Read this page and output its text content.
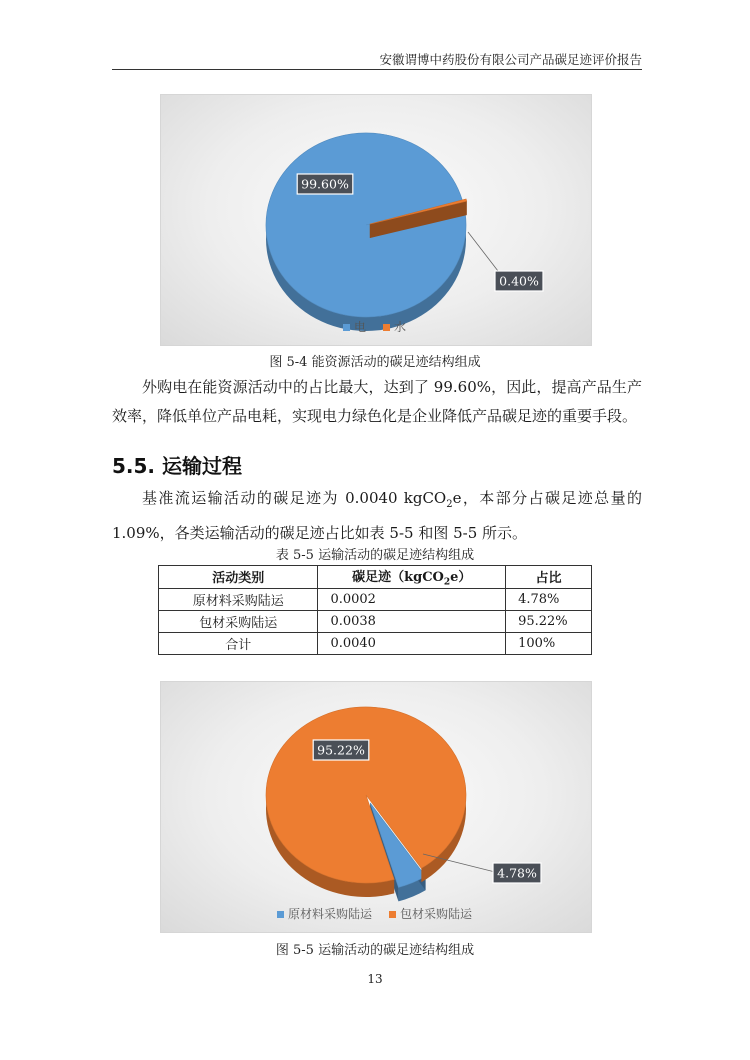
安徽谓博中药股份有限公司产品碳足迹评价报告
99.60%
0.40%
电 水
图 5-4 能资源活动的碳足迹结构组成

外购电在能资源活动中的占比最大，达到了 99.60%，因此，提高产品生产效率，降低单位产品电耗，实现电力绿色化是企业降低产品碳足迹的重要手段。

5.5. 运输过程

基准流运输活动的碳足迹为 0.0040 kgCO$_2$e，本部分占碳足迹总量的 1.09%，各类运输活动的碳足迹占比如表 5-5 和图 5-5 所示。

表 5-5 运输活动的碳足迹结构组成
活动类别	碳足迹（kgCO$_2$e）	占比
原材料采购陆运	0.0002	4.78%
包材采购陆运	0.0038	95.22%
合计	0.0040	100%
95.22%
4.78%
原材料采购陆运 包材采购陆运
图 5-5 运输活动的碳足迹结构组成
13
